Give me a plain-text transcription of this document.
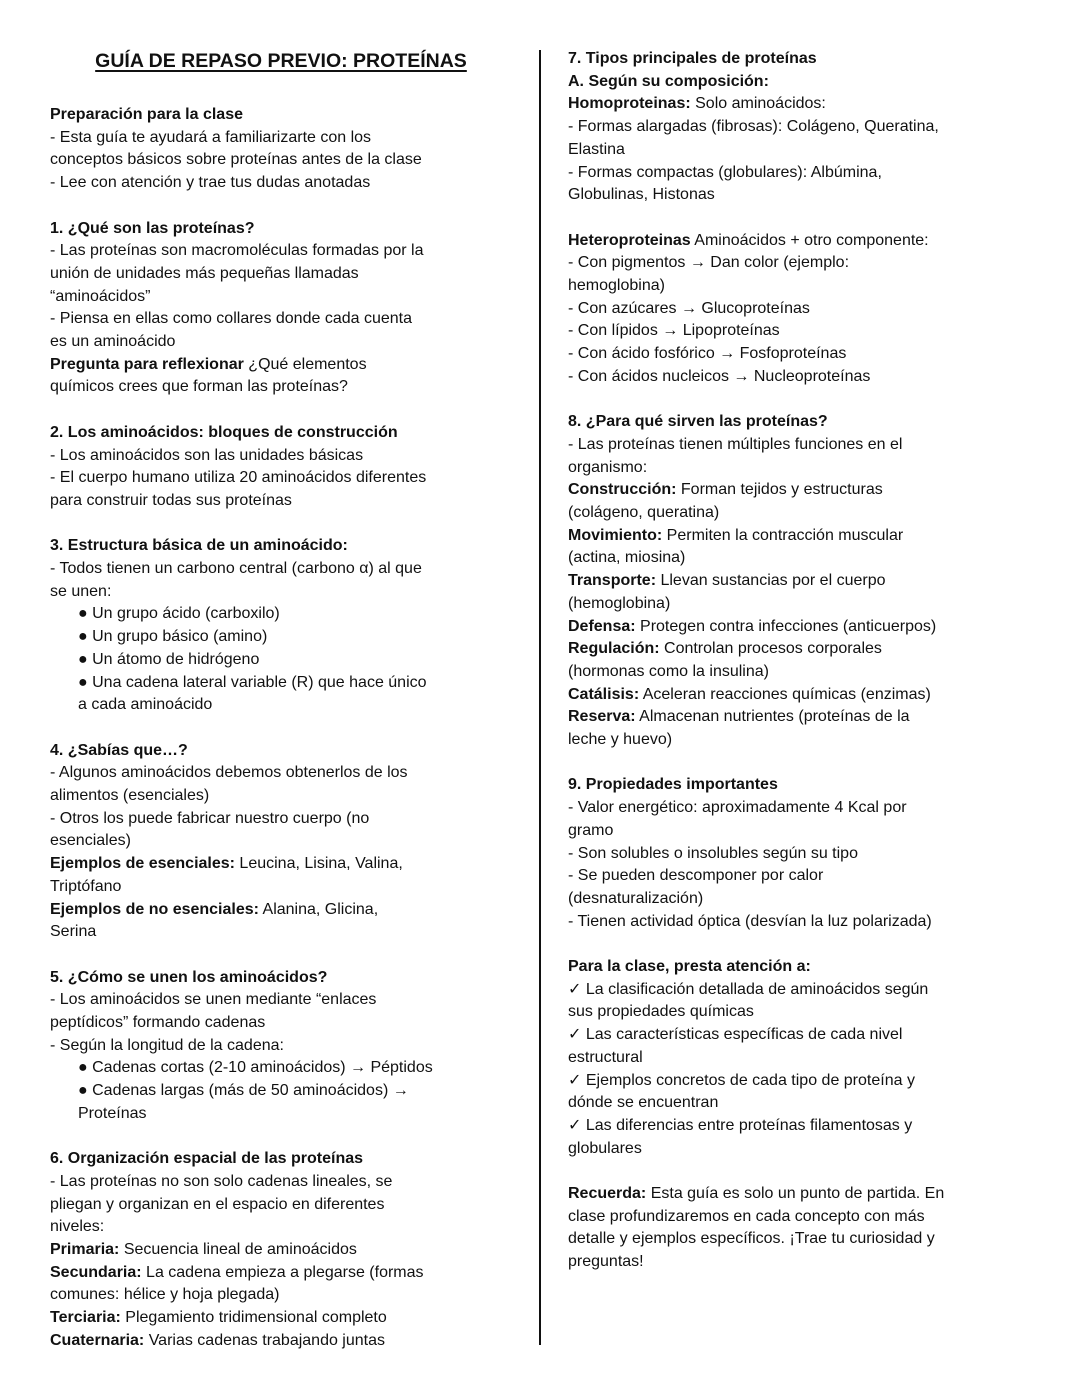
GUÍA DE REPASO PREVIO: PROTEÍNAS

Preparación para la clase

- Esta guía te ayudará a familiarizarte con los

conceptos básicos sobre proteínas antes de la clase

- Lee con atención y trae tus dudas anotadas

1. ¿Qué son las proteínas?

- Las proteínas son macromoléculas formadas por la

unión de unidades más pequeñas llamadas

“aminoácidos”

- Piensa en ellas como collares donde cada cuenta

es un aminoácido

Pregunta para reflexionar ¿Qué elementos

químicos crees que forman las proteínas?

2. Los aminoácidos: bloques de construcción

- Los aminoácidos son las unidades básicas

- El cuerpo humano utiliza 20 aminoácidos diferentes

para construir todas sus proteínas

3. Estructura básica de un aminoácido:

- Todos tienen un carbono central (carbono α) al que

se unen:

● Un grupo ácido (carboxilo)

● Un grupo básico (amino)

● Un átomo de hidrógeno

● Una cadena lateral variable (R) que hace único

a cada aminoácido

4. ¿Sabías que…?

- Algunos aminoácidos debemos obtenerlos de los

alimentos (esenciales)

- Otros los puede fabricar nuestro cuerpo (no

esenciales)

Ejemplos de esenciales: Leucina, Lisina, Valina,

Triptófano

Ejemplos de no esenciales: Alanina, Glicina,

Serina

5. ¿Cómo se unen los aminoácidos?

- Los aminoácidos se unen mediante “enlaces

peptídicos” formando cadenas

- Según la longitud de la cadena:

● Cadenas cortas (2-10 aminoácidos) → Péptidos

● Cadenas largas (más de 50 aminoácidos) →

Proteínas

6. Organización espacial de las proteínas

- Las proteínas no son solo cadenas lineales, se

pliegan y organizan en el espacio en diferentes

niveles:

Primaria: Secuencia lineal de aminoácidos

Secundaria: La cadena empieza a plegarse (formas

comunes: hélice y hoja plegada)

Terciaria: Plegamiento tridimensional completo

Cuaternaria: Varias cadenas trabajando juntas

7. Tipos principales de proteínas

A. Según su composición:

Homoproteinas: Solo aminoácidos:

- Formas alargadas (fibrosas): Colágeno, Queratina,

Elastina

- Formas compactas (globulares): Albúmina,

Globulinas, Histonas

Heteroproteinas Aminoácidos + otro componente:

- Con pigmentos → Dan color (ejemplo:

hemoglobina)

- Con azúcares → Glucoproteínas

- Con lípidos → Lipoproteínas

- Con ácido fosfórico → Fosfoproteínas

- Con ácidos nucleicos → Nucleoproteínas

8. ¿Para qué sirven las proteínas?

- Las proteínas tienen múltiples funciones en el

organismo:

Construcción: Forman tejidos y estructuras

(colágeno, queratina)

Movimiento: Permiten la contracción muscular

(actina, miosina)

Transporte: Llevan sustancias por el cuerpo

(hemoglobina)

Defensa: Protegen contra infecciones (anticuerpos)

Regulación: Controlan procesos corporales

(hormonas como la insulina)

Catálisis: Aceleran reacciones químicas (enzimas)

Reserva: Almacenan nutrientes (proteínas de la

leche y huevo)

9. Propiedades importantes

- Valor energético: aproximadamente 4 Kcal por

gramo

- Son solubles o insolubles según su tipo

- Se pueden descomponer por calor

(desnaturalización)

- Tienen actividad óptica (desvían la luz polarizada)

Para la clase, presta atención a:

✓ La clasificación detallada de aminoácidos según

sus propiedades químicas

✓ Las características específicas de cada nivel

estructural

✓ Ejemplos concretos de cada tipo de proteína y

dónde se encuentran

✓ Las diferencias entre proteínas filamentosas y

globulares

Recuerda: Esta guía es solo un punto de partida. En

clase profundizaremos en cada concepto con más

detalle y ejemplos específicos. ¡Trae tu curiosidad y

preguntas!
